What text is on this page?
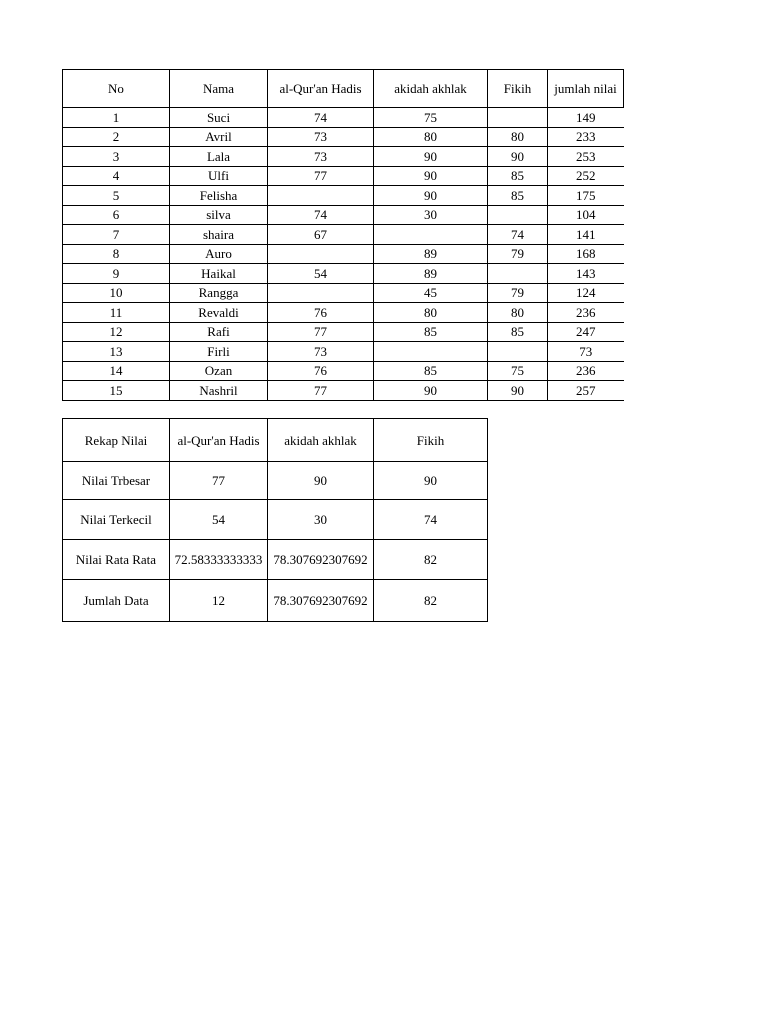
No	Nama	al-Qur'an Hadis	akidah akhlak	Fikih	jumlah nilai
1	Suci	74	75		149
2	Avril	73	80	80	233
3	Lala	73	90	90	253
4	Ulfi	77	90	85	252
5	Felisha		90	85	175
6	silva	74	30		104
7	shaira	67		74	141
8	Auro		89	79	168
9	Haikal	54	89		143
10	Rangga		45	79	124
11	Revaldi	76	80	80	236
12	Rafi	77	85	85	247
13	Firli	73			73
14	Ozan	76	85	75	236
15	Nashril	77	90	90	257
Rekap Nilai	al-Qur'an Hadis	akidah akhlak	Fikih
Nilai Trbesar	77	90	90
Nilai Terkecil	54	30	74
Nilai Rata Rata	72.58333333333	78.307692307692	82
Jumlah Data	12	78.307692307692	82
